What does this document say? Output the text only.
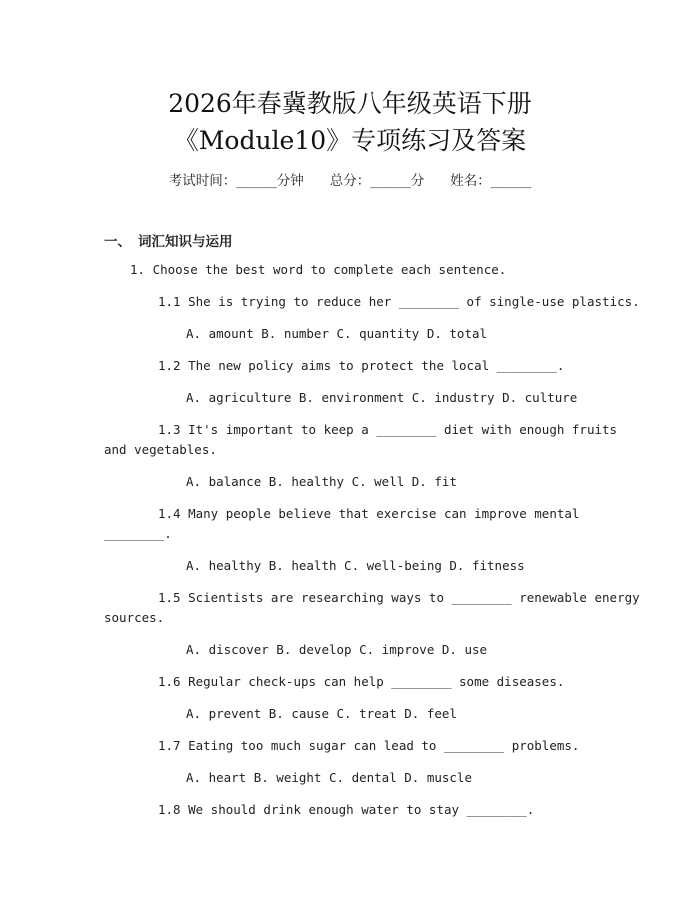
2026年春冀教版八年级英语下册
《Module10》专项练习及答案
考试时间：______分钟 总分：______分 姓名：______
一、 词汇知识与运用
1. Choose the best word to complete each sentence.
1.1 She is trying to reduce her ________ of single-use plastics.
A. amount B. number C. quantity D. total
1.2 The new policy aims to protect the local ________.
A. agriculture B. environment C. industry D. culture
1.3 It's important to keep a ________ diet with enough fruits
and vegetables.
A. balance B. healthy C. well D. fit
1.4 Many people believe that exercise can improve mental
________.
A. healthy B. health C. well-being D. fitness
1.5 Scientists are researching ways to ________ renewable energy
sources.
A. discover B. develop C. improve D. use
1.6 Regular check-ups can help ________ some diseases.
A. prevent B. cause C. treat D. feel
1.7 Eating too much sugar can lead to ________ problems.
A. heart B. weight C. dental D. muscle
1.8 We should drink enough water to stay ________.
